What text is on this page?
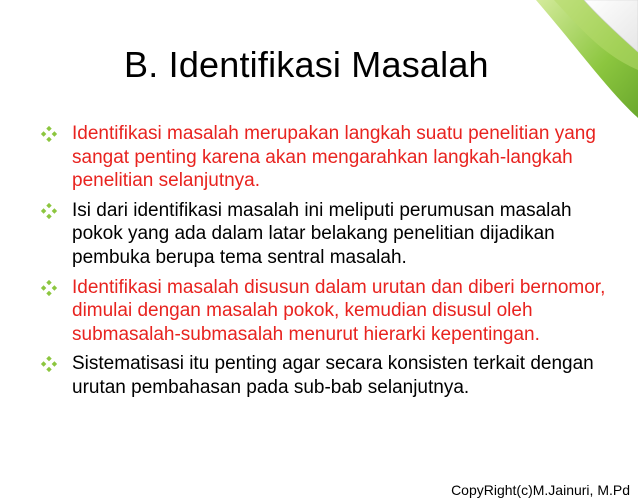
B. Identifikasi Masalah
Identifikasi masalah merupakan langkah suatu penelitian yang sangat penting karena akan mengarahkan langkah-langkah penelitian selanjutnya.
Isi dari identifikasi masalah ini meliputi perumusan masalah pokok yang ada dalam latar belakang penelitian dijadikan pembuka berupa tema sentral masalah.
Identifikasi masalah disusun dalam urutan dan diberi bernomor, dimulai dengan masalah pokok, kemudian disusul oleh submasalah-submasalah menurut hierarki kepentingan.
Sistematisasi itu penting agar secara konsisten terkait dengan urutan pembahasan pada sub-bab selanjutnya.
CopyRight(c)M.Jainuri, M.Pd
